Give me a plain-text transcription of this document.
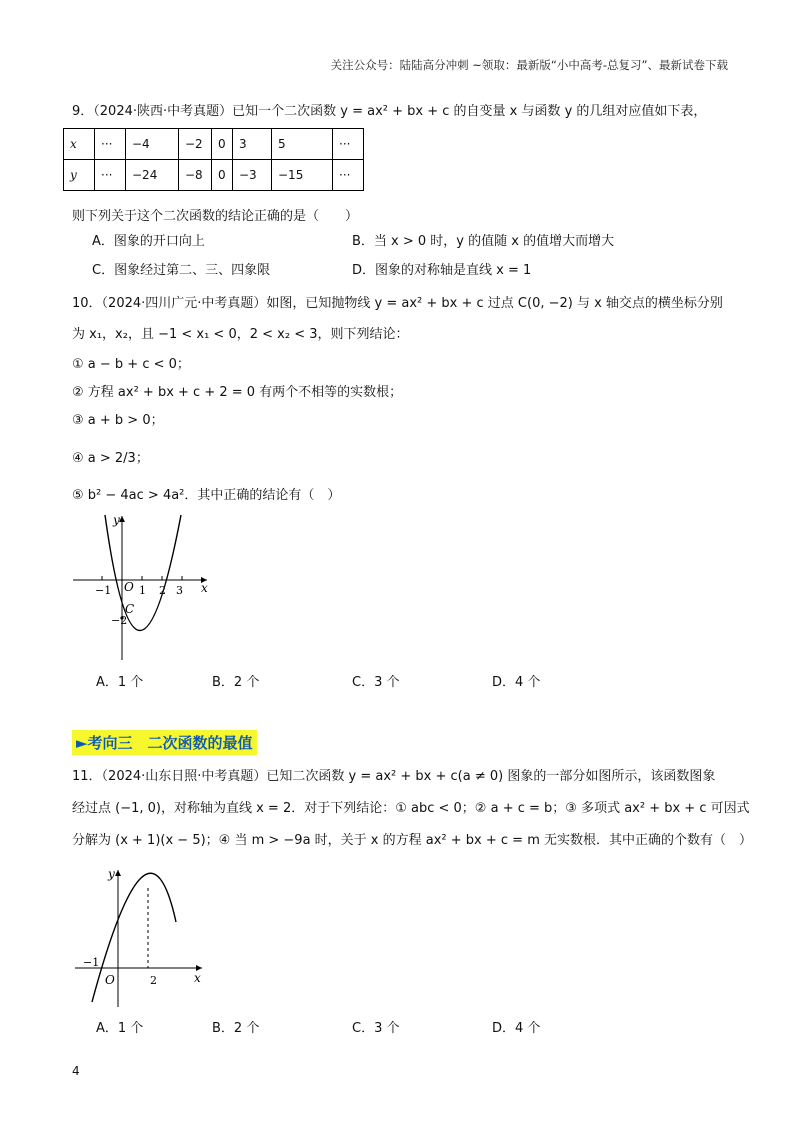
关注公众号：陆陆高分冲刺 ~领取：最新版“小中高考-总复习”、最新试卷下载
9．（2024·陕西·中考真题）已知一个二次函数 y = ax² + bx + c 的自变量 x 与函数 y 的几组对应值如下表，
x	···	−4	−2	0	3	5	···
y	···	−24	−8	0	−3	−15	···
则下列关于这个二次函数的结论正确的是（　　）
A．图象的开口向上	B．当 x > 0 时，y 的值随 x 的值增大而增大
C．图象经过第二、三、四象限	D．图象的对称轴是直线 x = 1
10．（2024·四川广元·中考真题）如图，已知抛物线 y = ax² + bx + c 过点 C(0, −2) 与 x 轴交点的横坐标分别
为 x₁，x₂，且 −1 < x₁ < 0，2 < x₂ < 3，则下列结论：
① a − b + c < 0；
② 方程 ax² + bx + c + 2 = 0 有两个不相等的实数根；
③ a + b > 0；
④ a > 2/3；
⑤ b² − 4ac > 4a²．其中正确的结论有（　）
y
x
O
−1	1 2 3
−2
C
A．1 个	B．2 个	C．3 个	D．4 个
►考向三　二次函数的最值
11．（2024·山东日照·中考真题）已知二次函数 y = ax² + bx + c(a ≠ 0) 图象的一部分如图所示，该函数图象
经过点 (−1, 0)，对称轴为直线 x = 2．对于下列结论：① abc < 0；② a + c = b；③ 多项式 ax² + bx + c 可因式
分解为 (x + 1)(x − 5)；④ 当 m > −9a 时，关于 x 的方程 ax² + bx + c = m 无实数根．其中正确的个数有（　）
y
x
O
−1
2
A．1 个	B．2 个	C．3 个	D．4 个
4
